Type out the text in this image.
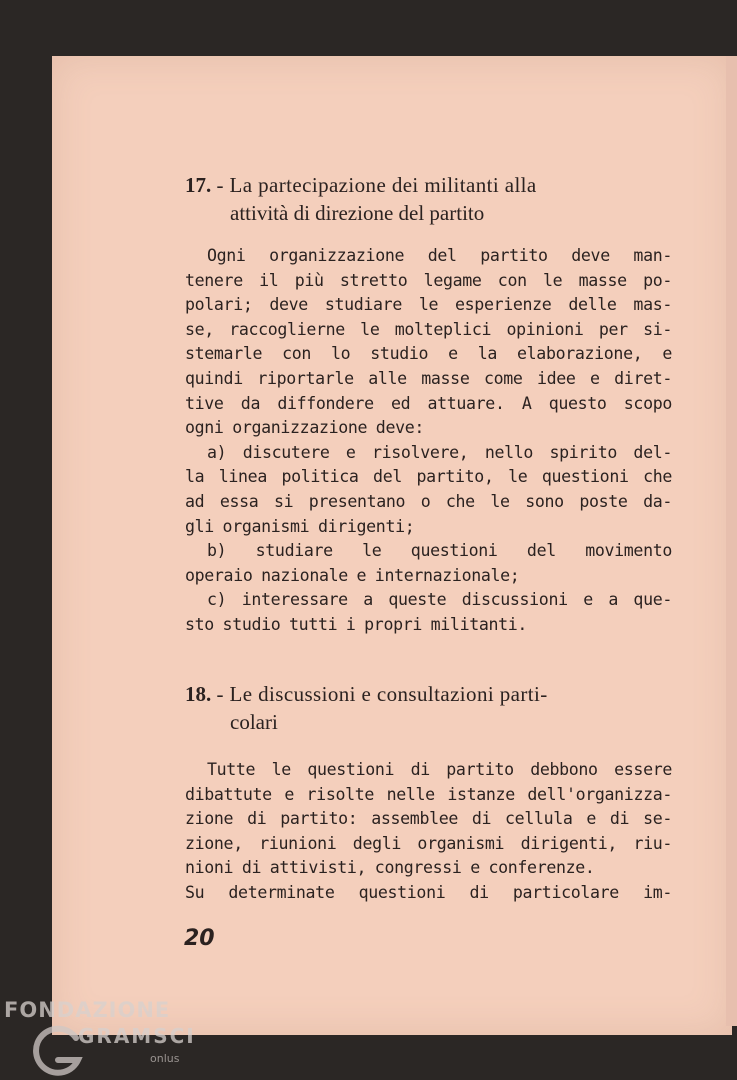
17. - La partecipazione dei militanti alla
attività di direzione del partito

Ogni organizzazione del partito deve man-
tenere il più stretto legame con le masse po-
polari; deve studiare le esperienze delle mas-
se, raccoglierne le molteplici opinioni per si-
stemarle con lo studio e la elaborazione, e
quindi riportarle alle masse come idee e diret-
tive da diffondere ed attuare. A questo scopo
ogni organizzazione deve:

a) discutere e risolvere, nello spirito del-
la linea politica del partito, le questioni che
ad essa si presentano o che le sono poste da-
gli organismi dirigenti;

b) studiare le questioni del movimento
operaio nazionale e internazionale;

c) interessare a queste discussioni e a que-
sto studio tutti i propri militanti.

18. - Le discussioni e consultazioni parti-
colari

Tutte le questioni di partito debbono essere
dibattute e risolte nelle istanze dell'organizza-
zione di partito: assemblee di cellula e di se-
zione, riunioni degli organismi dirigenti, riu-
nioni di attivisti, congressi e conferenze.

Su determinate questioni di particolare im-

20
FONDAZIONE
GRAMSCI
onlus
